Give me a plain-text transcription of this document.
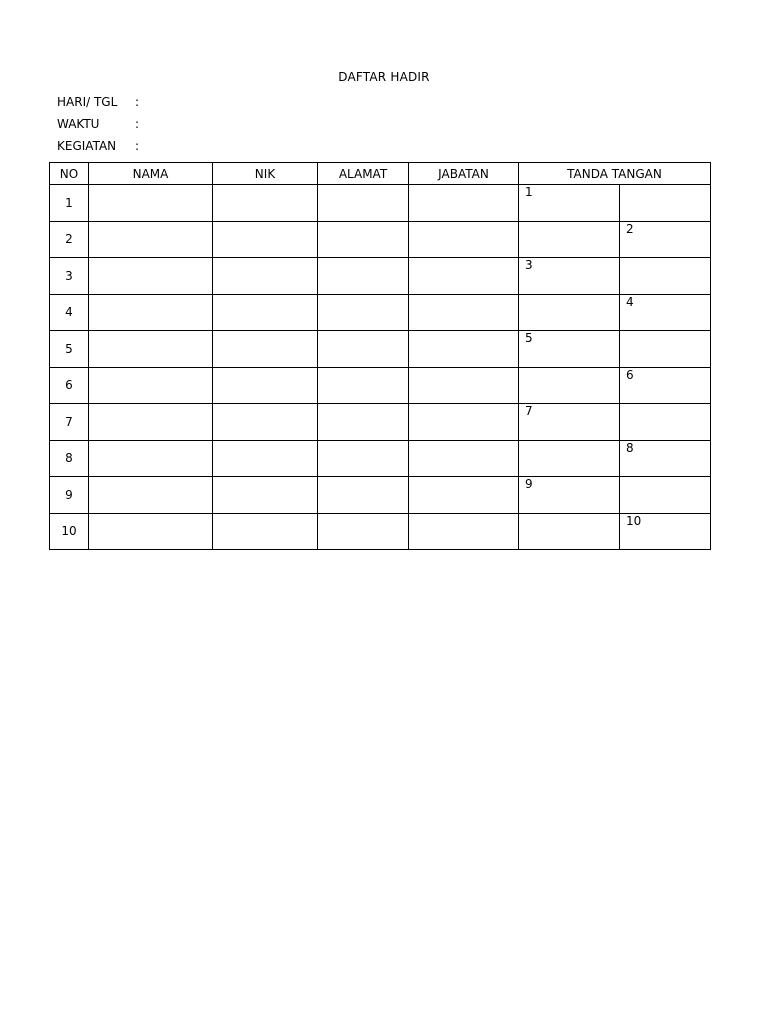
DAFTAR HADIR
HARI/ TGL :
WAKTU	:
KEGIATAN :
NO	NAMA	NIK	ALAMAT	JABATAN	TANDA TANGAN	
1					1	

2						2

3					3	

4						4

5					5	

6						6

7					7	

8						8

9					9	

10						10
